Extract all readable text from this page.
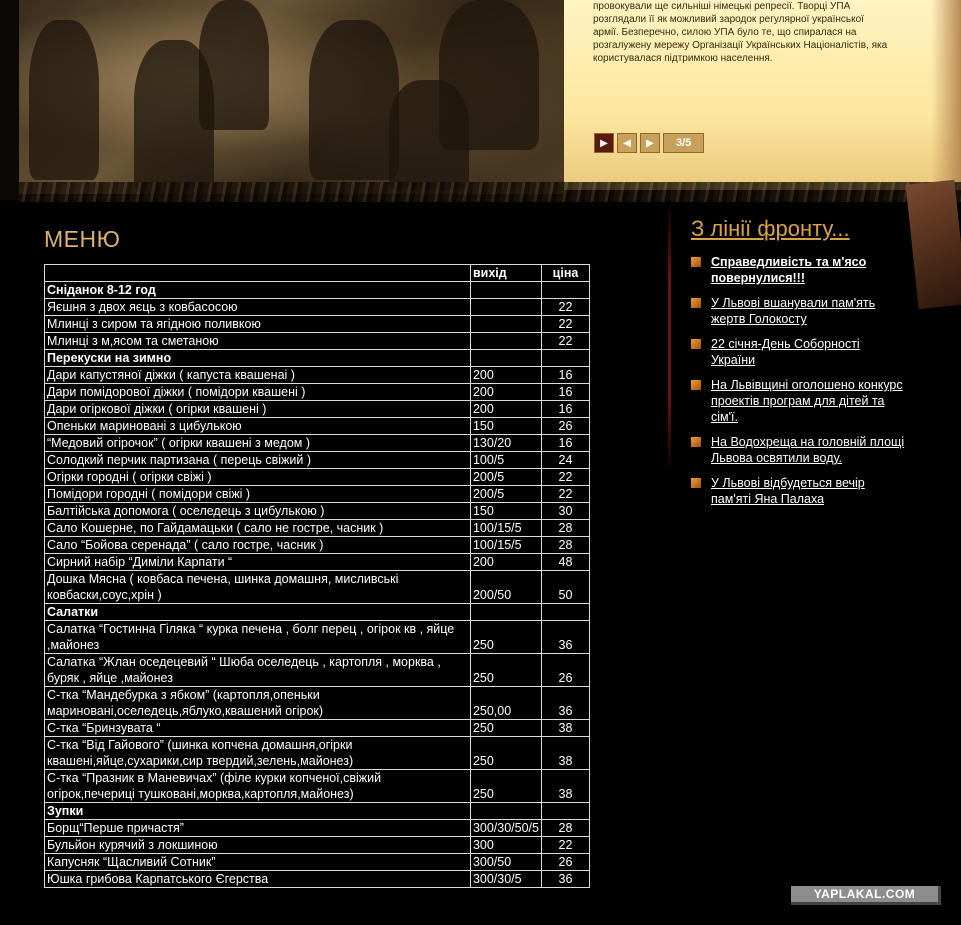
провокували ще сильніші німецькі репресії. Творці УПА
розглядали її як можливий зародок регулярної української
армії. Безперечно, силою УПА було те, що спиралася на
розгалужену мережу Організації Українських Націоналістів, яка
користувалася підтримкою населення.
▶	◀	▶	3/5
МЕНЮ
	вихід	ціна
Сніданок 8-12 год		
Яєшня з двох яєць з ковбасосою		22
Млинці з сиром та ягідною поливкою		22
Млинці з м,ясом та сметаною		22
Перекуски на зимно		
Дари капустяної діжки ( капуста квашенаі )	200	16
Дари помідорової діжки ( помідори квашені )	200	16
Дари огіркової діжки ( огірки квашені )	200	16
Опеньки мариновані з цибулькою	150	26
“Медовий огірочок” ( огірки квашені з медом )	130/20	16
Солодкий перчик партизана ( перець свіжий )	100/5	24
Огірки городні ( огірки свіжі )	200/5	22
Помідори городні ( помідори свіжі )	200/5	22
Балтійська допомога ( оселедець з цибулькою )	150	30
Сало Кошерне, по Гайдамацьки ( сало не гостре, часник )	100/15/5	28
Сало “Бойова серенада” ( сало гостре, часник )	100/15/5	28
Сирний набір “Диміли Карпати “	200	48
Дошка Мясна ( ковбаса печена, шинка домашня, мисливські ковбаски,соус,хрін )	200/50	50
Салатки		
Салатка “Гостинна Гіляка “ курка печена , болг перец , огірок кв , яйце ,майонез	250	36
Салатка “Жлан оседецевий “ Шюба оселедець , картопля , морква , буряк , яйце ,майонез	250	26
С-тка “Мандебурка з ябком” (картопля,опеньки мариновані,оселедець,яблуко,квашений огірок)	250,00	36
С-тка “Бринзувата “	250	38
С-тка “Від Гайового” (шинка копчена домашня,огірки квашені,яйце,сухарики,сир твердий,зелень,майонез)	250	38
С-тка “Празник в Маневичах” (філе курки копченої,свіжий огірок,печериці тушковані,морква,картопля,майонез)	250	38
Зупки		
Борщ“Перше причастя”	300/30/50/5	28
Бульйон курячий з локшиною	300	22
Капусняк “Щасливий Сотник”	300/50	26
Юшка грибова Карпатського Єгерства	300/30/5	36
З лінії фронту...
Справедливість та м'ясо повернулися!!!
У Львові вшанували пам'ять жертв Голокосту
22 січня-День Соборності України
На Львівщині оголошено конкурс проектів програм для дітей та сім'ї.
На Водохреща на головній площі Львова освятили воду.
У Львові відбудеться вечір пам'яті Яна Палаха
YAPLAKAL.COM
